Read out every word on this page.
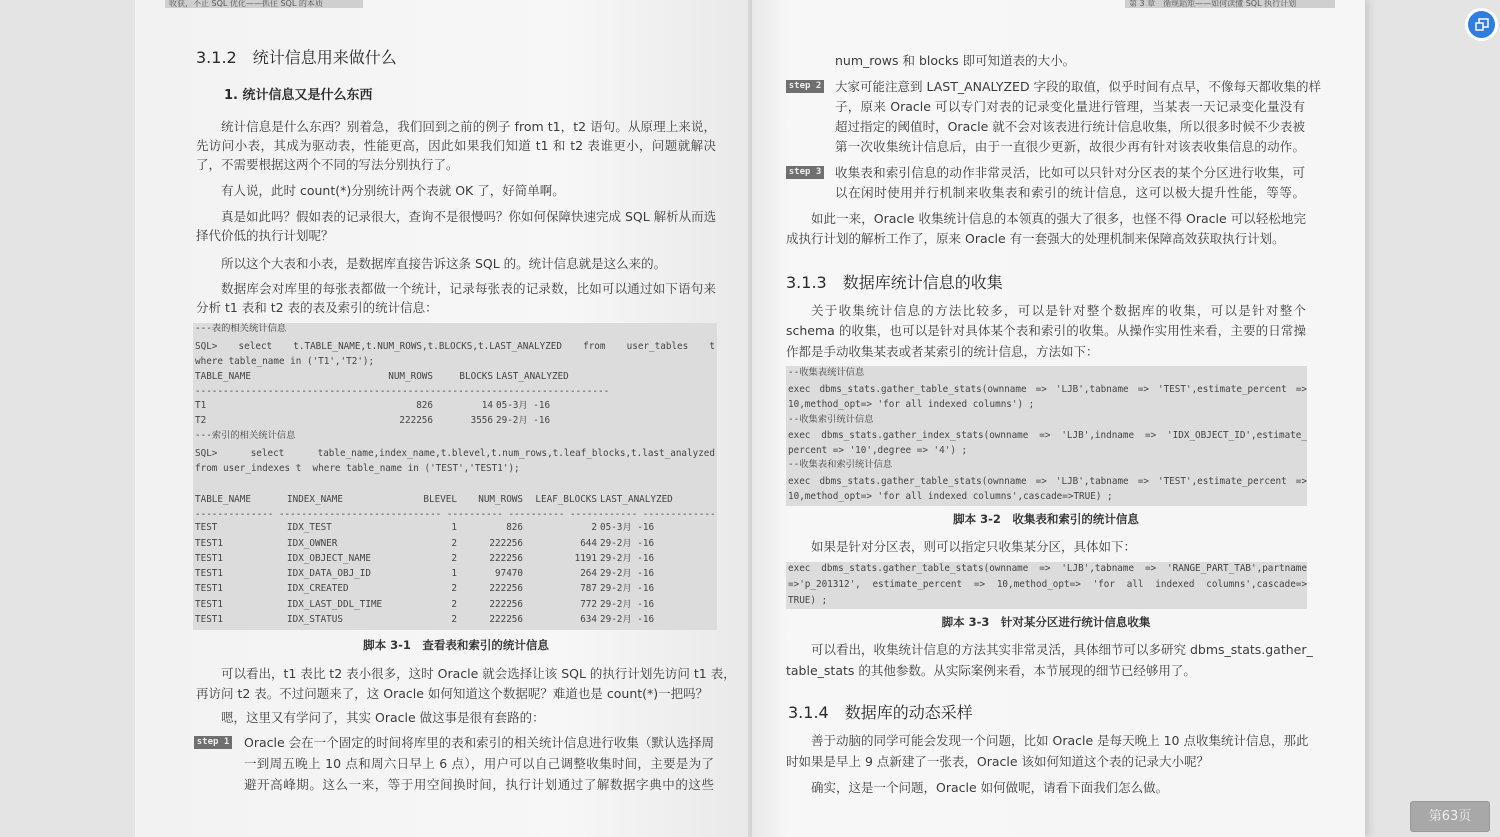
收获，不止 SQL 优化——抓住 SQL 的本质
3.1.2　统计信息用来做什么
1. 统计信息又是什么东西
统计信息是什么东西？别着急，我们回到之前的例子 from t1，t2 语句。从原理上来说，
先访问小表，其成为驱动表，性能更高，因此如果我们知道 t1 和 t2 表谁更小，问题就解决
了，不需要根据这两个不同的写法分别执行了。
有人说，此时 count(*)分别统计两个表就 OK 了，好简单啊。
真是如此吗？假如表的记录很大，查询不是很慢吗？你如何保障快速完成 SQL 解析从而选
择代价低的执行计划呢？
所以这个大表和小表，是数据库直接告诉这条 SQL 的。统计信息就是这么来的。
数据库会对库里的每张表都做一个统计，记录每张表的记录数，比如可以通过如下语句来
分析 t1 表和 t2 表的表及索引的统计信息：
---表的相关统计信息
SQL>  select  t.TABLE_NAME,t.NUM_ROWS,t.BLOCKS,t.LAST_ANALYZED  from  user_tables  t
where table_name in ('T1','T2');
---索引的相关统计信息
SQL>  select  table_name,index_name,t.blevel,t.num_rows,t.leaf_blocks,t.last_analyzed
from user_indexes t  where table_name in ('TEST','TEST1');
TABLE_NAME	NUM_ROWS	BLOCKS LAST_ANALYZED
--------------------------------------------------------------------------
T1	826	14 05-3月 -16
T2	222256	3556 29-2月 -16
TABLE_NAME	INDEX_NAME	BLEVEL	NUM_ROWS	LEAF_BLOCKS LAST_ANALYZED
-------------- ----------------------------- ---------- ---------- ------------ -------------
TEST	IDX_TEST	1	826	2 05-3月 -16
TEST1	IDX_OWNER	2	222256	644 29-2月 -16
TEST1	IDX_OBJECT_NAME	2	222256	1191 29-2月 -16
TEST1	IDX_DATA_OBJ_ID	1	97470	264 29-2月 -16
TEST1	IDX_CREATED	2	222256	787 29-2月 -16
TEST1	IDX_LAST_DDL_TIME	2	222256	772 29-2月 -16
TEST1	IDX_STATUS	2	222256	634 29-2月 -16
脚本 3-1　查看表和索引的统计信息
可以看出，t1 表比 t2 表小很多，这时 Oracle 就会选择让该 SQL 的执行计划先访问 t1 表，
再访问 t2 表。不过问题来了，这 Oracle 如何知道这个数据呢？难道也是 count(*)一把吗？
嗯，这里又有学问了，其实 Oracle 做这事是很有套路的：
step 1 Oracle 会在一个固定的时间将库里的表和索引的相关统计信息进行收集（默认选择周
一到周五晚上 10 点和周六日早上 6 点），用户可以自己调整收集时间，主要是为了
避开高峰期。这么一来，等于用空间换时间，执行计划通过了解数据字典中的这些
第 3 章　循规蹈矩——如何读懂 SQL 执行计划
num_rows 和 blocks 即可知道表的大小。
step 2 大家可能注意到 LAST_ANALYZED 字段的取值，似乎时间有点早，不像每天都收集的样
子，原来 Oracle 可以专门对表的记录变化量进行管理，当某表一天记录变化量没有
超过指定的阈值时，Oracle 就不会对该表进行统计信息收集，所以很多时候不少表被
第一次收集统计信息后，由于一直很少更新，故很少再有针对该表收集信息的动作。
step 3 收集表和索引信息的动作非常灵活，比如可以只针对分区表的某个分区进行收集，可
以在闲时使用并行机制来收集表和索引的统计信息，这可以极大提升性能，等等。
如此一来，Oracle 收集统计信息的本领真的强大了很多，也怪不得 Oracle 可以轻松地完
成执行计划的解析工作了，原来 Oracle 有一套强大的处理机制来保障高效获取执行计划。
3.1.3　数据库统计信息的收集
关于收集统计信息的方法比较多，可以是针对整个数据库的收集，可以是针对整个
schema 的收集，也可以是针对具体某个表和索引的收集。从操作实用性来看，主要的日常操
作都是手动收集某表或者某索引的统计信息，方法如下：
--收集表统计信息
exec dbms_stats.gather_table_stats(ownname => 'LJB',tabname => 'TEST',estimate_percent =>
10,method_opt=> 'for all indexed columns') ;
--收集索引统计信息
exec dbms_stats.gather_index_stats(ownname => 'LJB',indname => 'IDX_OBJECT_ID',estimate_
percent => '10',degree => '4') ;
--收集表和索引统计信息
exec dbms_stats.gather_table_stats(ownname => 'LJB',tabname => 'TEST',estimate_percent =>
10,method_opt=> 'for all indexed columns',cascade=>TRUE) ;
脚本 3-2　收集表和索引的统计信息
如果是针对分区表，则可以指定只收集某分区，具体如下：
exec dbms_stats.gather_table_stats(ownname => 'LJB',tabname => 'RANGE_PART_TAB',partname
=>'p_201312', estimate_percent => 10,method_opt=> 'for all indexed columns',cascade=>
TRUE) ;
脚本 3-3　针对某分区进行统计信息收集
可以看出，收集统计信息的方法其实非常灵活，具体细节可以多研究 dbms_stats.gather_
table_stats 的其他参数。从实际案例来看，本节展现的细节已经够用了。
3.1.4　数据库的动态采样
善于动脑的同学可能会发现一个问题，比如 Oracle 是每天晚上 10 点收集统计信息，那此
时如果是早上 9 点新建了一张表，Oracle 该如何知道这个表的记录大小呢？
确实，这是一个问题，Oracle 如何做呢，请看下面我们怎么做。
第63页
